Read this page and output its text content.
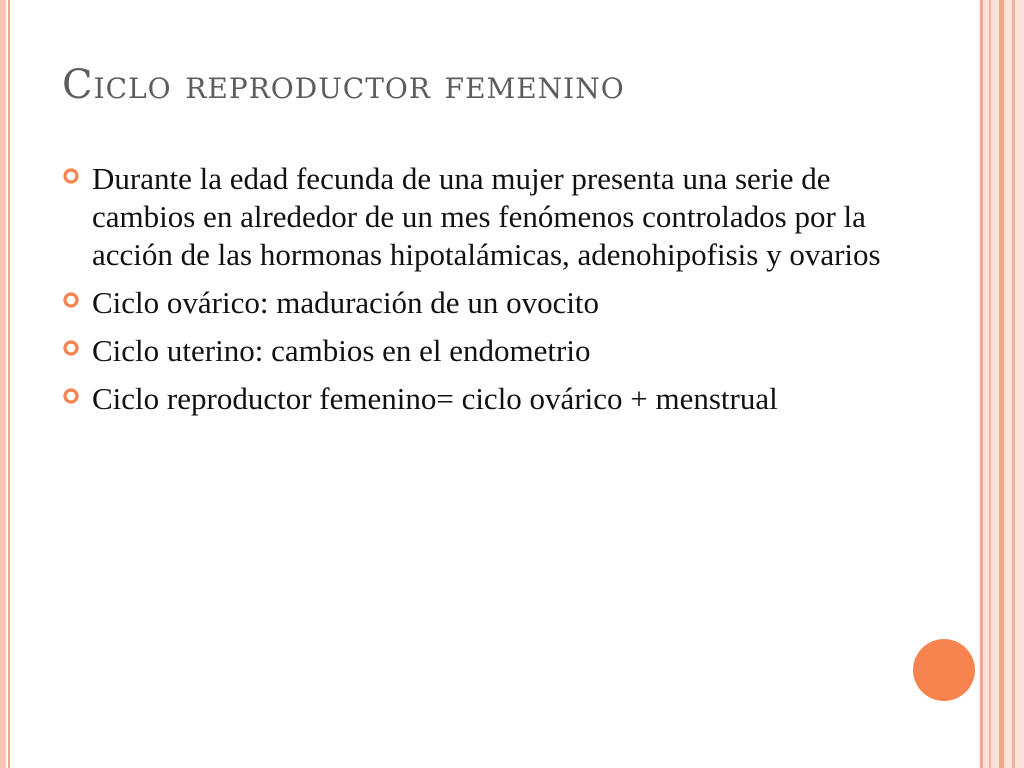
Ciclo reproductor femenino
Durante la edad fecunda de una mujer presenta una serie de cambios en alrededor de un mes fenómenos controlados por la acción de las hormonas hipotalámicas, adenohipofisis y ovarios
Ciclo ovárico: maduración de un ovocito
Ciclo uterino: cambios en el endometrio
Ciclo reproductor femenino= ciclo ovárico + menstrual
